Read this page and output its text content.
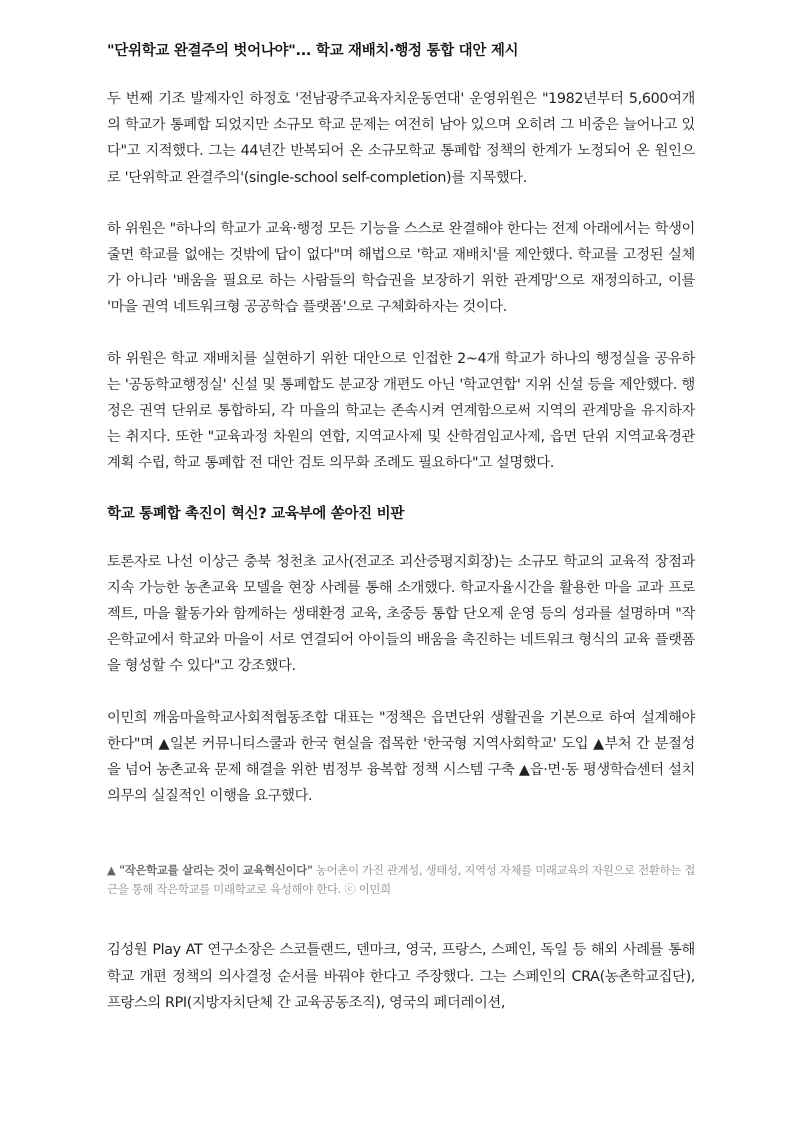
"단위학교 완결주의 벗어나야"... 학교 재배치·행정 통합 대안 제시

두 번째 기조 발제자인 하정호 '전남광주교육자치운동연대' 운영위원은 "1982년부터 5,600여개의 학교가 통폐합 되었지만 소규모 학교 문제는 여전히 남아 있으며 오히려 그 비중은 늘어나고 있다"고 지적했다. 그는 44년간 반복되어 온 소규모학교 통폐합 정책의 한계가 노정되어 온 원인으로 '단위학교 완결주의'(single-school self-completion)를 지목했다.

하 위원은 "하나의 학교가 교육·행정 모든 기능을 스스로 완결해야 한다는 전제 아래에서는 학생이 줄면 학교를 없애는 것밖에 답이 없다"며 해법으로 '학교 재배치'를 제안했다. 학교를 고정된 실체가 아니라 '배움을 필요로 하는 사람들의 학습권을 보장하기 위한 관계망'으로 재정의하고, 이를 '마을 권역 네트워크형 공공학습 플랫폼'으로 구체화하자는 것이다.

하 위원은 학교 재배치를 실현하기 위한 대안으로 인접한 2~4개 학교가 하나의 행정실을 공유하는 '공동학교행정실' 신설 및 통폐합도 분교장 개편도 아닌 '학교연합' 지위 신설 등을 제안했다. 행정은 권역 단위로 통합하되, 각 마을의 학교는 존속시켜 연계함으로써 지역의 관계망을 유지하자는 취지다. 또한 "교육과정 차원의 연합, 지역교사제 및 산학겸임교사제, 읍면 단위 지역교육경관계획 수립, 학교 통폐합 전 대안 검토 의무화 조례도 필요하다"고 설명했다.

학교 통폐합 촉진이 혁신? 교육부에 쏟아진 비판

토론자로 나선 이상근 충북 청천초 교사(전교조 괴산증평지회장)는 소규모 학교의 교육적 장점과 지속 가능한 농촌교육 모델을 현장 사례를 통해 소개했다. 학교자율시간을 활용한 마을 교과 프로젝트, 마을 활동가와 함께하는 생태환경 교육, 초중등 통합 단오제 운영 등의 성과를 설명하며 "작은학교에서 학교와 마을이 서로 연결되어 아이들의 배움을 촉진하는 네트워크 형식의 교육 플랫폼을 형성할 수 있다"고 강조했다.

이민희 깨움마을학교사회적협동조합 대표는 "정책은 읍면단위 생활권을 기본으로 하여 설계해야 한다"며 ▲일본 커뮤니티스쿨과 한국 현실을 접목한 '한국형 지역사회학교' 도입 ▲부처 간 분절성을 넘어 농촌교육 문제 해결을 위한 범정부 융복합 정책 시스템 구축 ▲읍·면·동 평생학습센터 설치 의무의 실질적인 이행을 요구했다.

▲ "작은학교를 살리는 것이 교육혁신이다" 농어촌이 가진 관계성, 생태성, 지역성 자체를 미래교육의 자원으로 전환하는 접근을 통해 작은학교를 미래학교로 육성해야 한다. ⓒ 이민희

김성원 Play AT 연구소장은 스코틀랜드, 덴마크, 영국, 프랑스, 스페인, 독일 등 해외 사례를 통해 학교 개편 정책의 의사결정 순서를 바꿔야 한다고 주장했다. 그는 스페인의 CRA(농촌학교집단), 프랑스의 RPI(지방자치단체 간 교육공동조직), 영국의 페더레이션,
